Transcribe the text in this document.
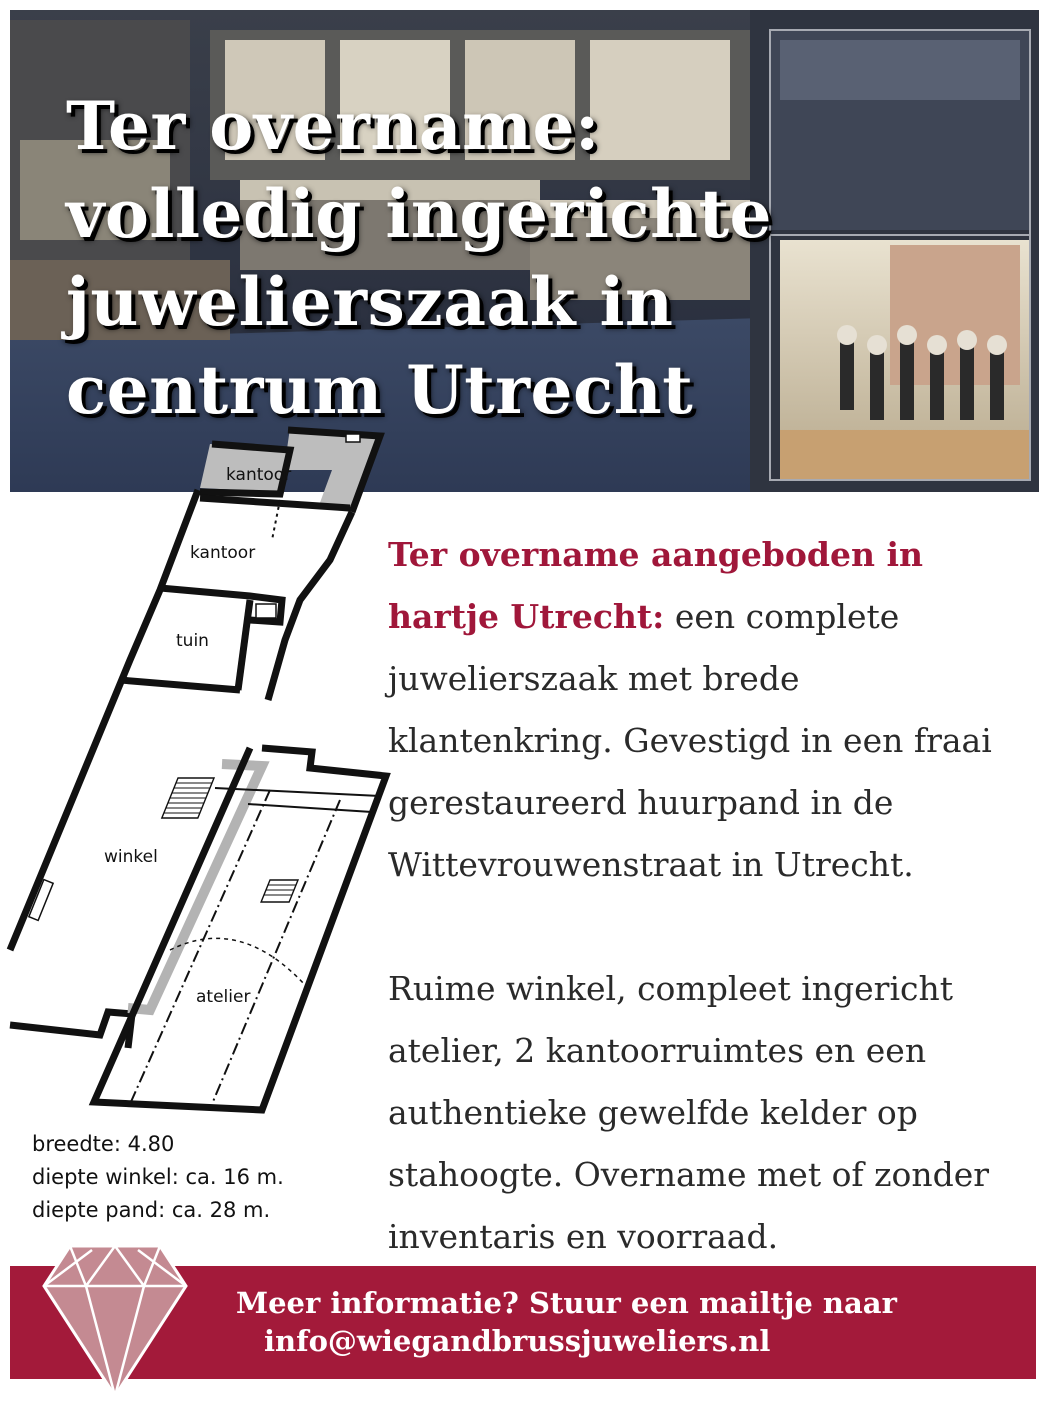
Ter overname:
volledig ingerichte
juwelierszaak in
centrum Utrecht
kantoor
kantoor
tuin
winkel
atelier
breedte: 4.80
diepte winkel: ca. 16 m.
diepte pand: ca. 28 m.

Ter overname aangeboden in hartje Utrecht: een complete juwelierszaak met brede klantenkring. Gevestigd in een fraai gerestaureerd huurpand in de Wittevrouwenstraat in Utrecht.

Ruime winkel, compleet ingericht atelier, 2 kantoorruimtes en een authentieke gewelfde kelder op stahoogte. Overname met of zonder inventaris en voorraad.

Meer informatie? Stuur een mailtje naar
info@wiegandbrussjuweliers.nl
